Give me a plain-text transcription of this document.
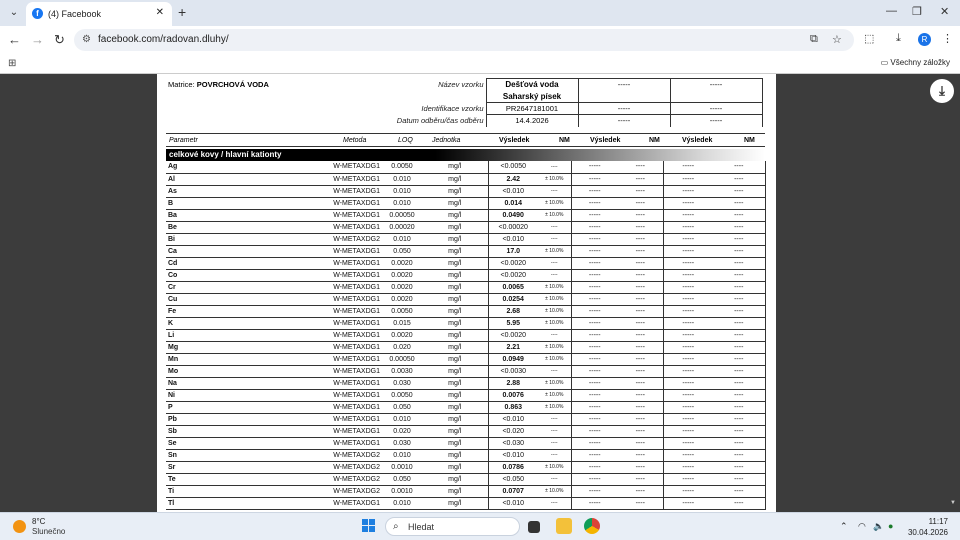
⌄	f	(4) Facebook	✕ +	— ❐ ✕
← → ↻ ⚙ facebook.com/radovan.dluhy/	⧉ ☆ ⬚ ⤓	⋮
R
⊞	▭ Všechny záložky
⤓
▼
Matrice: POVRCHOVÁ VODA	Název vzorku	Dešťová voda	-----	-----
		Saharský písek		
	Identifikace vzorku	PR2647181001	-----	-----
	Datum odběru/čas odběru	14.4.2026	-----	-----
Parametr	Metoda	LOQ	Jednotka	Výsledek	NM	Výsledek	NM	Výsledek	NM
celkové kovy / hlavní kationty
Ag	W-METAXDG1	0.0050	mg/l	<0.0050	----	-----	----	-----	----
Al	W-METAXDG1	0.010	mg/l	2.42	± 10.0%	-----	----	-----	----
As	W-METAXDG1	0.010	mg/l	<0.010	----	-----	----	-----	----
B	W-METAXDG1	0.010	mg/l	0.014	± 10.0%	-----	----	-----	----
Ba	W-METAXDG1	0.00050	mg/l	0.0490	± 10.0%	-----	----	-----	----
Be	W-METAXDG1	0.00020	mg/l	<0.00020	----	-----	----	-----	----
Bi	W-METAXDG2	0.010	mg/l	<0.010	----	-----	----	-----	----
Ca	W-METAXDG1	0.050	mg/l	17.0	± 10.0%	-----	----	-----	----
Cd	W-METAXDG1	0.0020	mg/l	<0.0020	----	-----	----	-----	----
Co	W-METAXDG1	0.0020	mg/l	<0.0020	----	-----	----	-----	----
Cr	W-METAXDG1	0.0020	mg/l	0.0065	± 10.0%	-----	----	-----	----
Cu	W-METAXDG1	0.0020	mg/l	0.0254	± 10.0%	-----	----	-----	----
Fe	W-METAXDG1	0.0050	mg/l	2.68	± 10.0%	-----	----	-----	----
K	W-METAXDG1	0.015	mg/l	5.95	± 10.0%	-----	----	-----	----
Li	W-METAXDG1	0.0020	mg/l	<0.0020	----	-----	----	-----	----
Mg	W-METAXDG1	0.020	mg/l	2.21	± 10.0%	-----	----	-----	----
Mn	W-METAXDG1	0.00050	mg/l	0.0949	± 10.0%	-----	----	-----	----
Mo	W-METAXDG1	0.0030	mg/l	<0.0030	----	-----	----	-----	----
Na	W-METAXDG1	0.030	mg/l	2.88	± 10.0%	-----	----	-----	----
Ni	W-METAXDG1	0.0050	mg/l	0.0076	± 10.0%	-----	----	-----	----
P	W-METAXDG1	0.050	mg/l	0.863	± 10.0%	-----	----	-----	----
Pb	W-METAXDG1	0.010	mg/l	<0.010	----	-----	----	-----	----
Sb	W-METAXDG1	0.020	mg/l	<0.020	----	-----	----	-----	----
Se	W-METAXDG1	0.030	mg/l	<0.030	----	-----	----	-----	----
Sn	W-METAXDG2	0.010	mg/l	<0.010	----	-----	----	-----	----
Sr	W-METAXDG2	0.0010	mg/l	0.0786	± 10.0%	-----	----	-----	----
Te	W-METAXDG2	0.050	mg/l	<0.050	----	-----	----	-----	----
Ti	W-METAXDG2	0.0010	mg/l	0.0707	± 10.0%	-----	----	-----	----
Tl	W-METAXDG1	0.010	mg/l	<0.010	----	-----	----	-----	----
8°C
Slunečno	⌕ Hledat	⌃ ◠ 🔈 ●	11:17
30.04.2026
